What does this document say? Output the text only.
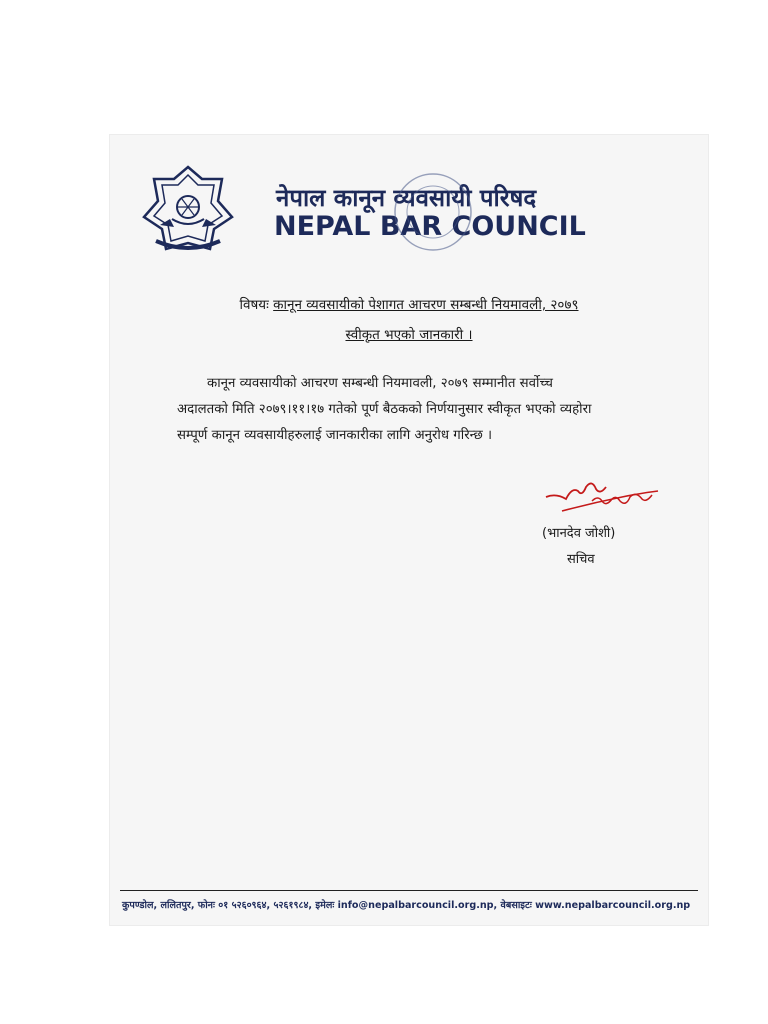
नेपाल कानून व्यवसायी परिषद
NEPAL BAR COUNCIL
विषयः कानून व्यवसायीको पेशागत आचरण सम्बन्धी नियमावली, २०७९
स्वीकृत भएको जानकारी ।
कानून व्यवसायीको आचरण सम्बन्धी नियमावली, २०७९ सम्मानीत सर्वोच्च अदालतको मिति २०७९।११।१७ गतेको पूर्ण बैठकको निर्णयानुसार स्वीकृत भएको व्यहोरा सम्पूर्ण कानून व्यवसायीहरुलाई जानकारीका लागि अनुरोध गरिन्छ ।
(भानदेव जोशी)
सचिव
कुपण्डोल, ललितपुर, फोनः ०१ ५२६०९६४, ५२६१९८४, इमेलः info@nepalbarcouncil.org.np, वेबसाइटः www.nepalbarcouncil.org.np
